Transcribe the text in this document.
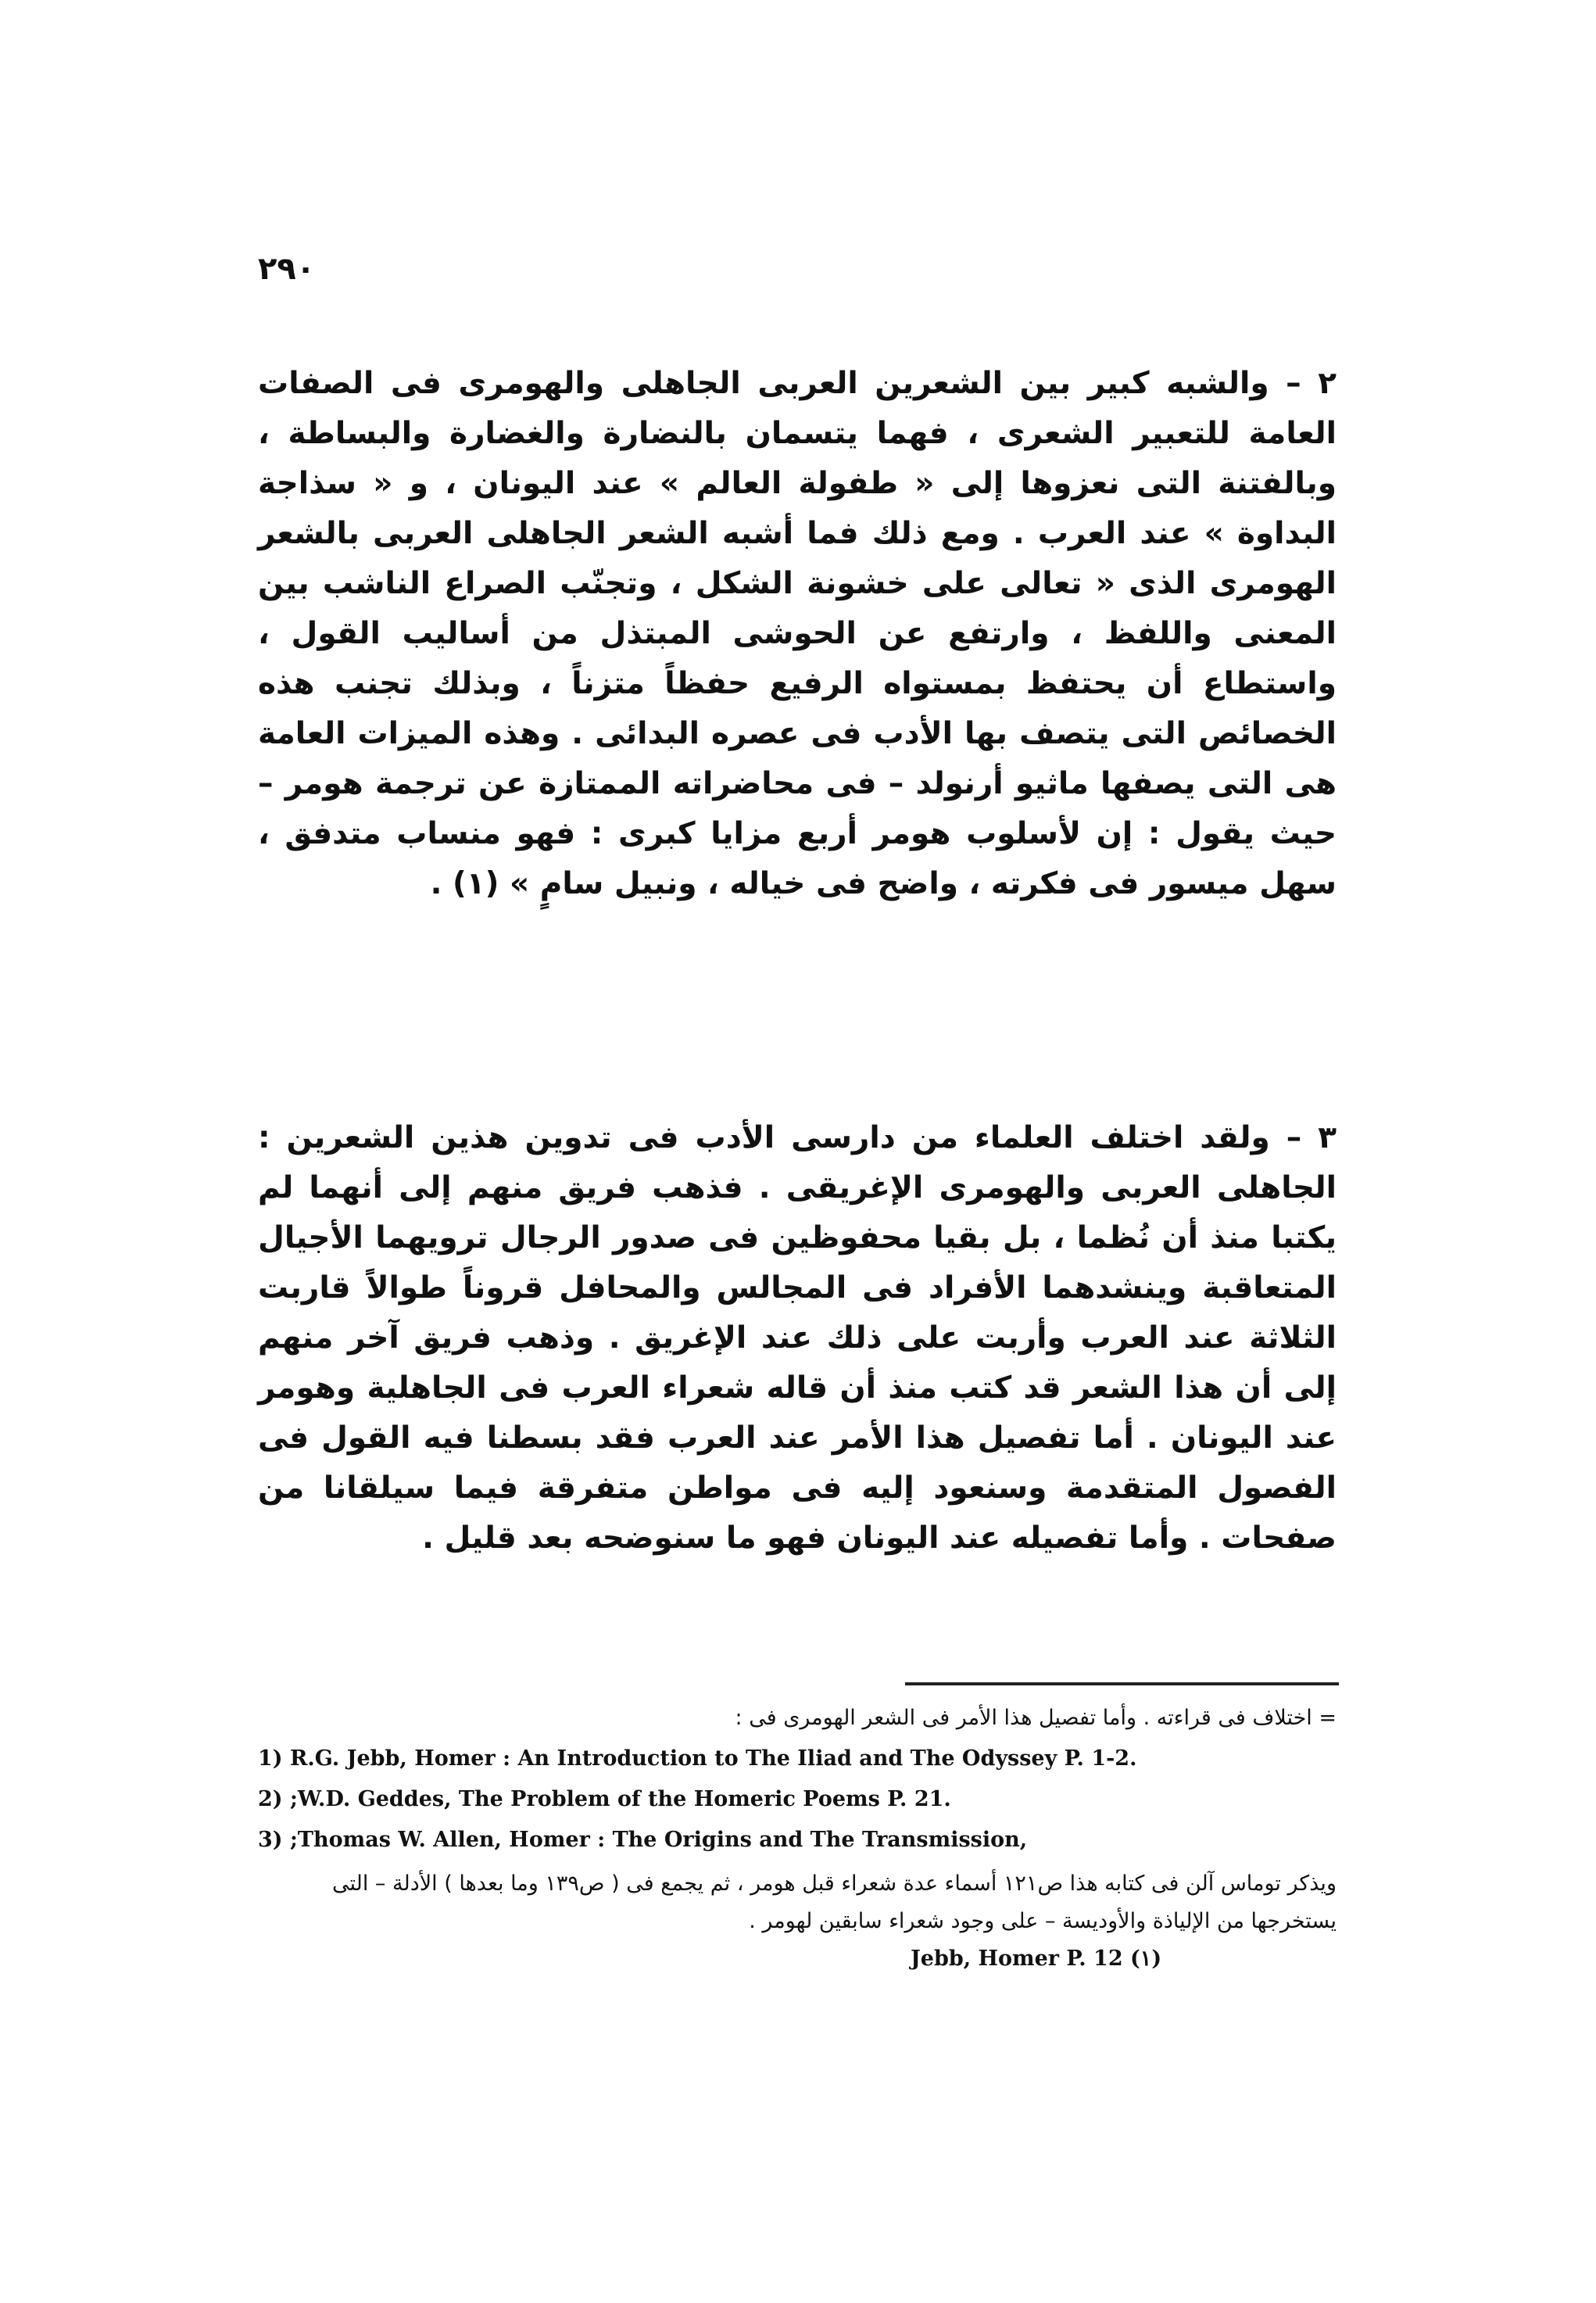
٢٩٠

٢ – والشبه كبير بين الشعرين العربى الجاهلى والهومرى فى الصفات العامة للتعبير الشعرى ، فهما يتسمان بالنضارة والغضارة والبساطة ، وبالفتنة التى نعزوها إلى « طفولة العالم » عند اليونان ، و « سذاجة البداوة » عند العرب . ومع ذلك فما أشبه الشعر الجاهلى العربى بالشعر الهومرى الذى « تعالى على خشونة الشكل ، وتجنّب الصراع الناشب بين المعنى واللفظ ، وارتفع عن الحوشى المبتذل من أساليب القول ، واستطاع أن يحتفظ بمستواه الرفيع حفظاً متزناً ، وبذلك تجنب هذه الخصائص التى يتصف بها الأدب فى عصره البدائى . وهذه الميزات العامة هى التى يصفها ماثيو أرنولد – فى محاضراته الممتازة عن ترجمة هومر – حيث يقول : إن لأسلوب هومر أربع مزايا كبرى : فهو منساب متدفق ، سهل ميسور فى فكرته ، واضح فى خياله ، ونبيل سامٍ » (١) .

٣ – ولقد اختلف العلماء من دارسى الأدب فى تدوين هذين الشعرين : الجاهلى العربى والهومرى الإغريقى . فذهب فريق منهم إلى أنهما لم يكتبا منذ أن نُظما ، بل بقيا محفوظين فى صدور الرجال ترويهما الأجيال المتعاقبة وينشدهما الأفراد فى المجالس والمحافل قروناً طوالاً قاربت الثلاثة عند العرب وأربت على ذلك عند الإغريق . وذهب فريق آخر منهم إلى أن هذا الشعر قد كتب منذ أن قاله شعراء العرب فى الجاهلية وهومر عند اليونان . أما تفصيل هذا الأمر عند العرب فقد بسطنا فيه القول فى الفصول المتقدمة وسنعود إليه فى مواطن متفرقة فيما سيلقانا من صفحات . وأما تفصيله عند اليونان فهو ما سنوضحه بعد قليل .

= اختلاف فى قراءته . وأما تفصيل هذا الأمر فى الشعر الهومرى فى :

1) R.G. Jebb, Homer : An Introduction to The Iliad and The Odyssey P. 1-2.

2) ;W.D. Geddes, The Problem of the Homeric Poems P. 21.

3) ;Thomas W. Allen, Homer : The Origins and The Transmission,

ويذكر توماس آلن فى كتابه هذا ص١٢١ أسماء عدة شعراء قبل هومر ، ثم يجمع فى ( ص١٣٩ وما بعدها ) الأدلة – التى يستخرجها من الإلياذة والأوديسة – على وجود شعراء سابقين لهومر .

Jebb, Homer P. 12 (١)
